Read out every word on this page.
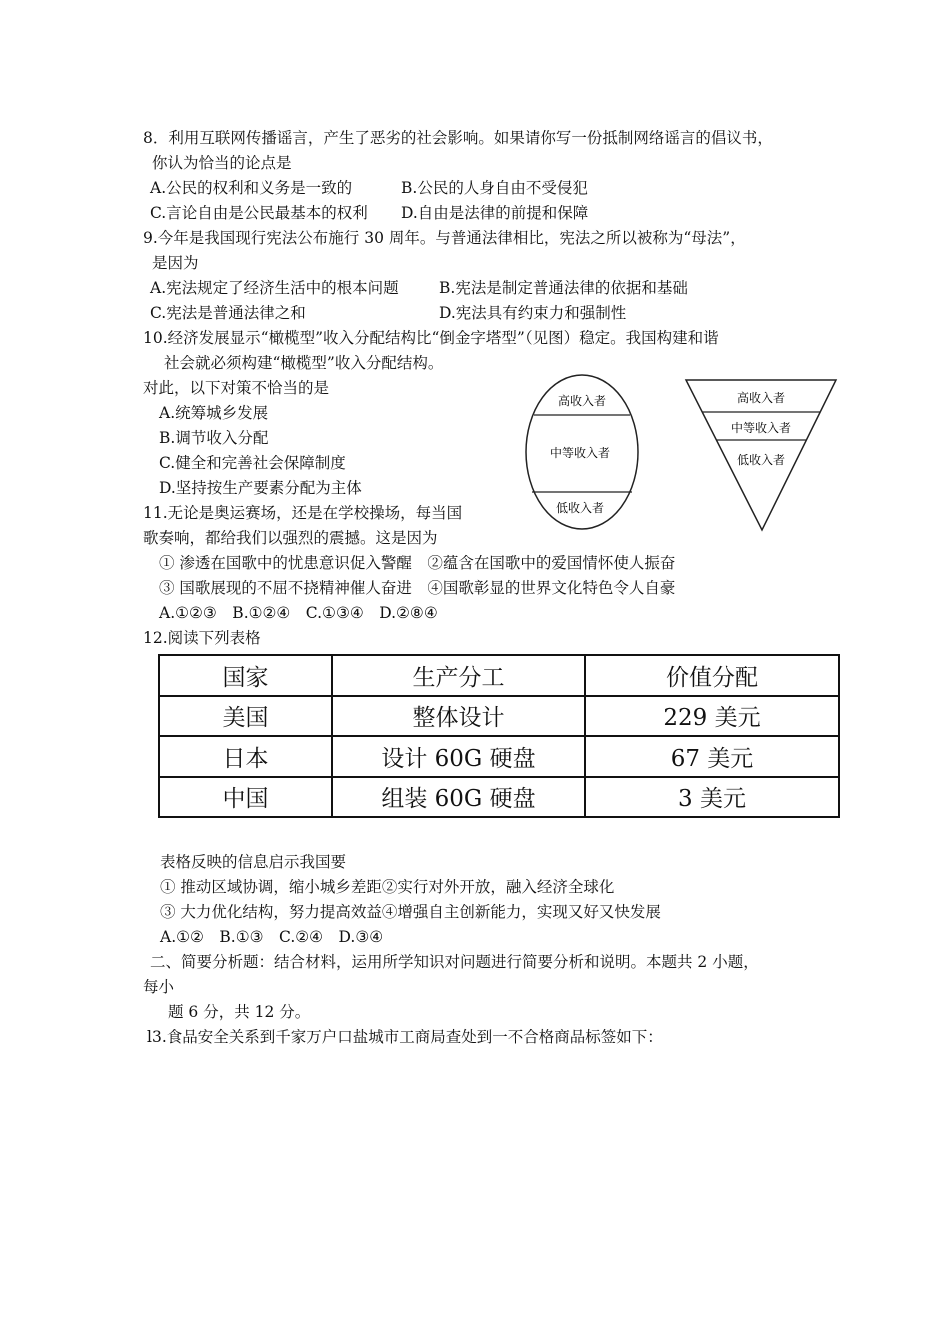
8．利用互联网传播谣言，产生了恶劣的社会影响。如果请你写一份抵制网络谣言的倡议书，
你认为恰当的论点是
A.公民的权利和义务是一致的	B.公民的人身自由不受侵犯
C.言论自由是公民最基本的权利 D.自由是法律的前提和保障
9.今年是我国现行宪法公布施行 30 周年。与普通法律相比，宪法之所以被称为“母法”，
是因为
A.宪法规定了经济生活中的根本问题	B.宪法是制定普通法律的依据和基础
C.宪法是普通法律之和	D.宪法具有约束力和强制性
10.经济发展显示“橄榄型”收入分配结构比“倒金字塔型”（见图）稳定。我国构建和谐
社会就必须构建“橄榄型”收入分配结构。
对此，以下对策不恰当的是
A.统筹城乡发展
B.调节收入分配
C.健全和完善社会保障制度
D.坚持按生产要素分配为主体
高收入者
中等收入者
低收入者
高收入者
中等收入者
低收入者
11.无论是奥运赛场，还是在学校操场，每当国
歌奏响，都给我们以强烈的震撼。这是因为
① 渗透在国歌中的忧患意识促入警醒　②蕴含在国歌中的爱国情怀使人振奋
③ 国歌展现的不屈不挠精神催人奋进　④国歌彰显的世界文化特色令人自豪
A.①②③　B.①②④　C.①③④　D.②⑧④
12.阅读下列表格
国家	生产分工	价值分配
美国	整体设计	229 美元
日本	设计 60G 硬盘	67 美元
中国	组装 60G 硬盘	3 美元
表格反映的信息启示我国要
① 推动区域协调，缩小城乡差距②实行对外开放，融入经济全球化
③ 大力优化结构，努力提高效益④增强自主创新能力，实现又好又快发展
A.①②　B.①③　C.②④　D.③④
二、简要分析题：结合材料，运用所学知识对问题进行简要分析和说明。本题共 2 小题，
每小
题 6 分，共 12 分。
l3.食品安全关系到千家万户口盐城市工商局查处到一不合格商品标签如下：
